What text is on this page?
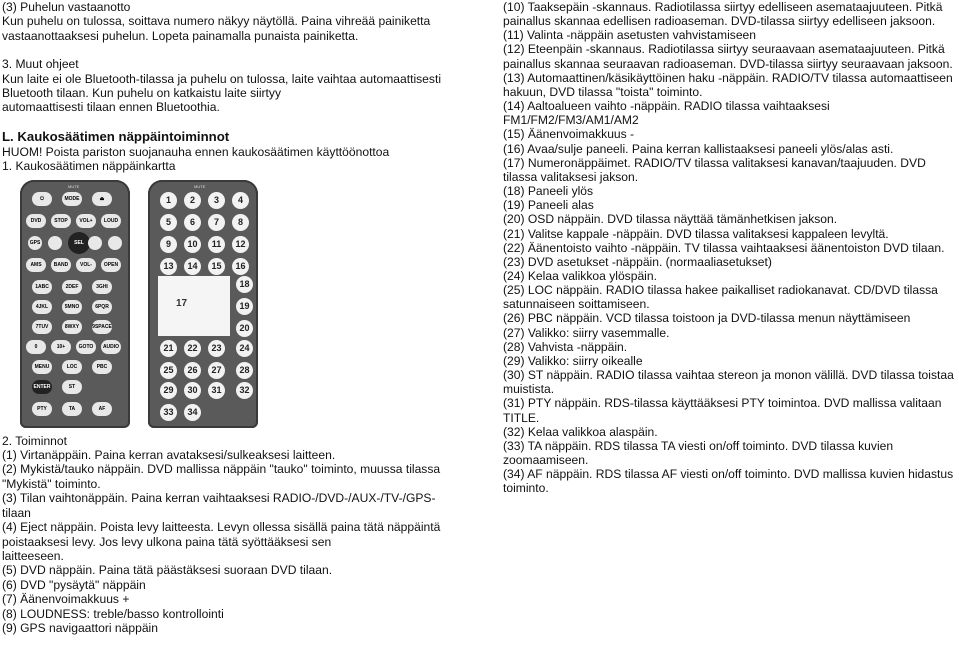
(3) Puhelun vastaanotto

Kun puhelu on tulossa, soittava numero näkyy näytöllä. Paina vihreää painiketta

vastaanottaaksesi puhelun. Lopeta painamalla punaista painiketta.

3. Muut ohjeet

Kun laite ei ole Bluetooth-tilassa ja puhelu on tulossa, laite vaihtaa automaattisesti

Bluetooth tilaan. Kun puhelu on katkaistu laite siirtyy

automaattisesti tilaan ennen Bluetoothia.

L. Kaukosäätimen näppäintoiminnot

HUOM! Poista pariston suojanauha ennen kaukosäätimen käyttöönottoa

1. Kaukosäätimen näppäinkartta

MUTE
⏻	MODE	⏏
DVD	STOP	VOL+	LOUD
GPS	SEL
AMS	BAND	VOL-	OPEN
1ABC	2DEF	3GHI
4JKL	5MNO	6PQR
7TUV	8WXY	9SPACE
0	10+	GOTO	AUDIO
MENU	LOC	PBC
ENTER	ST
PTY	TA	AF
MUTE
1	2	3	4
5	6	7	8
9	10	11	12
13	14	15	16
18
19
20
21	22	23	24
25	26	27	28
29	30	31	32
33	34
17

2. Toiminnot

(1) Virtanäppäin. Paina kerran avataksesi/sulkeaksesi laitteen.

(2) Mykistä/tauko näppäin. DVD mallissa näppäin "tauko" toiminto, muussa tilassa

"Mykistä" toiminto.

(3) Tilan vaihtonäppäin. Paina kerran vaihtaaksesi RADIO-/DVD-/AUX-/TV-/GPS-

tilaan

(4) Eject näppäin. Poista levy laitteesta. Levyn ollessa sisällä paina tätä näppäintä

poistaaksesi levy. Jos levy ulkona paina tätä syöttääksesi sen

laitteeseen.

(5) DVD näppäin. Paina tätä päästäksesi suoraan DVD tilaan.

(6) DVD "pysäytä" näppäin

(7) Äänenvoimakkuus +

(8) LOUDNESS: treble/basso kontrollointi

(9) GPS navigaattori näppäin

(10) Taaksepäin -skannaus. Radiotilassa siirtyy edelliseen asemataajuuteen. Pitkä

painallus skannaa edellisen radioaseman. DVD-tilassa siirtyy edelliseen jaksoon.

(11) Valinta -näppäin asetusten vahvistamiseen

(12) Eteenpäin -skannaus. Radiotilassa siirtyy seuraavaan asemataajuuteen. Pitkä

painallus skannaa seuraavan radioaseman. DVD-tilassa siirtyy seuraavaan jaksoon.

(13) Automaattinen/käsikäyttöinen haku -näppäin. RADIO/TV tilassa automaattiseen

hakuun, DVD tilassa "toista" toiminto.

(14) Aaltoalueen vaihto -näppäin. RADIO tilassa vaihtaaksesi

FM1/FM2/FM3/AM1/AM2

(15) Äänenvoimakkuus -

(16) Avaa/sulje paneeli. Paina kerran kallistaaksesi paneeli ylös/alas asti.

(17) Numeronäppäimet. RADIO/TV tilassa valitaksesi kanavan/taajuuden. DVD

tilassa valitaksesi jakson.

(18) Paneeli ylös

(19) Paneeli alas

(20) OSD näppäin. DVD tilassa näyttää tämänhetkisen jakson.

(21) Valitse kappale -näppäin. DVD tilassa valitaksesi kappaleen levyltä.

(22) Äänentoisto vaihto -näppäin. TV tilassa vaihtaaksesi äänentoiston DVD tilaan.

(23) DVD asetukset -näppäin. (normaaliasetukset)

(24) Kelaa valikkoa ylöspäin.

(25) LOC näppäin. RADIO tilassa hakee paikalliset radiokanavat. CD/DVD tilassa

satunnaiseen soittamiseen.

(26) PBC näppäin. VCD tilassa toistoon ja DVD-tilassa menun näyttämiseen

(27) Valikko: siirry vasemmalle.

(28) Vahvista -näppäin.

(29) Valikko: siirry oikealle

(30) ST näppäin. RADIO tilassa vaihtaa stereon ja monon välillä. DVD tilassa toistaa

muistista.

(31) PTY näppäin. RDS-tilassa käyttääksesi PTY toimintoa. DVD mallissa valitaan

TITLE.

(32) Kelaa valikkoa alaspäin.

(33) TA näppäin. RDS tilassa TA viesti on/off toiminto. DVD tilassa kuvien

zoomaamiseen.

(34) AF näppäin. RDS tilassa AF viesti on/off toiminto. DVD mallissa kuvien hidastus

toiminto.
